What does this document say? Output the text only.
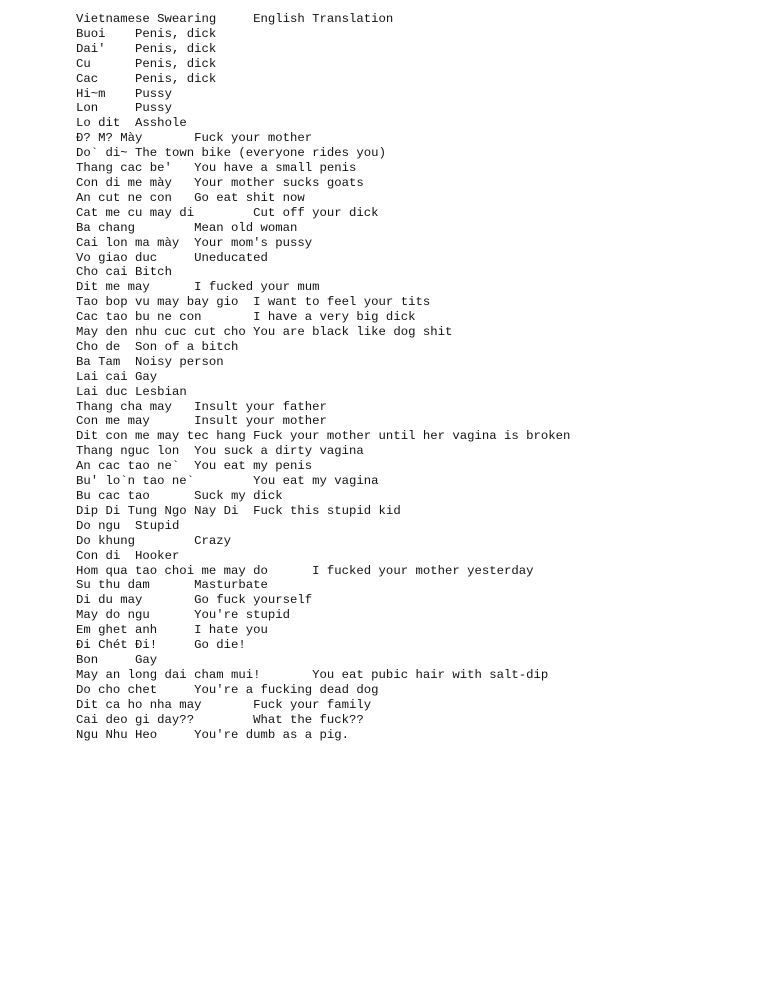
Vietnamese Swearing	English Translation
Buoi	Penis, dick
Dai'	Penis, dick
Cu	Penis, dick
Cac	Penis, dick
Hi~m	Pussy
Lon	Pussy
Lo dit	Asshole
Đ? M? Mày	Fuck your mother
Do` di~	The town bike (everyone rides you)
Thang cac be'	You have a small penis
Con di me mày	Your mother sucks goats
An cut ne con	Go eat shit now
Cat me cu may di	Cut off your dick
Ba chang	Mean old woman
Cai lon ma mày	Your mom's pussy
Vo giao duc	Uneducated
Cho cai	Bitch
Dit me may	I fucked your mum
Tao bop vu may bay gio	I want to feel your tits
Cac tao bu ne con	I have a very big dick
May den nhu cuc cut cho	You are black like dog shit
Cho de	Son of a bitch
Ba Tam	Noisy person
Lai cai	Gay
Lai duc	Lesbian
Thang cha may	Insult your father
Con me may	Insult your mother
Dit con me may tec hang	Fuck your mother until her vagina is broken
Thang nguc lon	You suck a dirty vagina
An cac tao ne`	You eat my penis
Bu' lo`n tao ne`	You eat my vagina
Bu cac tao	Suck my dick
Dip Di Tung Ngo Nay Di	Fuck this stupid kid
Do ngu	Stupid
Do khung	Crazy
Con di	Hooker
Hom qua tao choi me may do	I fucked your mother yesterday
Su thu dam	Masturbate
Di du may	Go fuck yourself
May do ngu	You're stupid
Em ghet anh	I hate you
Đi Chét Đi!	Go die!
Bon	Gay
May an long dai cham mui!	You eat pubic hair with salt-dip
Do cho chet	You're a fucking dead dog
Dit ca ho nha may	Fuck your family
Cai deo gi day??	What the fuck??
Ngu Nhu Heo	You're dumb as a pig.
